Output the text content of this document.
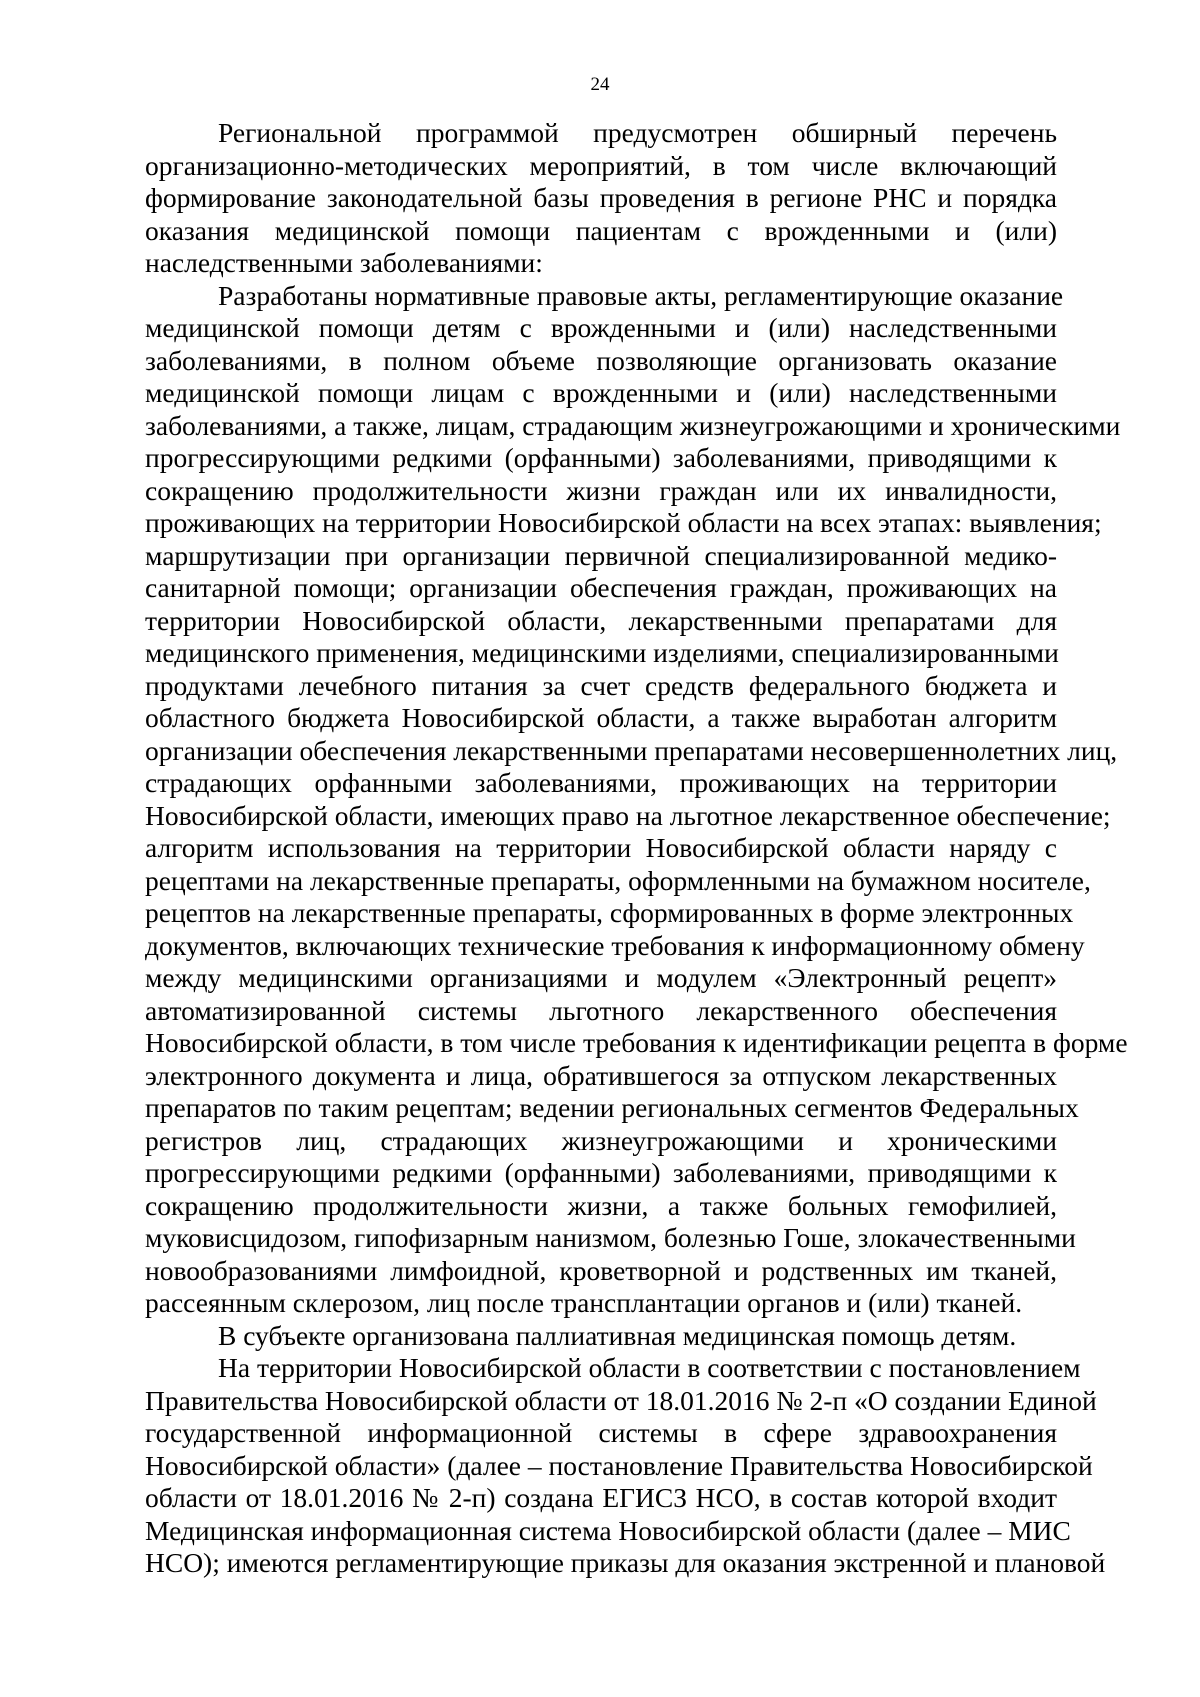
24
Региональной программой предусмотрен обширный перечень
организационно-методических мероприятий, в том числе включающий
формирование законодательной базы проведения в регионе РНС и порядка
оказания медицинской помощи пациентам с врожденными и (или)
наследственными заболеваниями:
Разработаны нормативные правовые акты, регламентирующие оказание
медицинской помощи детям с врожденными и (или) наследственными
заболеваниями, в полном объеме позволяющие организовать оказание
медицинской помощи лицам с врожденными и (или) наследственными
заболеваниями, а также, лицам, страдающим жизнеугрожающими и хроническими
прогрессирующими редкими (орфанными) заболеваниями, приводящими к
сокращению продолжительности жизни граждан или их инвалидности,
проживающих на территории Новосибирской области на всех этапах: выявления;
маршрутизации при организации первичной специализированной медико-
санитарной помощи; организации обеспечения граждан, проживающих на
территории Новосибирской области, лекарственными препаратами для
медицинского применения, медицинскими изделиями, специализированными
продуктами лечебного питания за счет средств федерального бюджета и
областного бюджета Новосибирской области, а также выработан алгоритм
организации обеспечения лекарственными препаратами несовершеннолетних лиц,
страдающих орфанными заболеваниями, проживающих на территории
Новосибирской области, имеющих право на льготное лекарственное обеспечение;
алгоритм использования на территории Новосибирской области наряду с
рецептами на лекарственные препараты, оформленными на бумажном носителе,
рецептов на лекарственные препараты, сформированных в форме электронных
документов, включающих технические требования к информационному обмену
между медицинскими организациями и модулем «Электронный рецепт»
автоматизированной системы льготного лекарственного обеспечения
Новосибирской области, в том числе требования к идентификации рецепта в форме
электронного документа и лица, обратившегося за отпуском лекарственных
препаратов по таким рецептам; ведении региональных сегментов Федеральных
регистров лиц, страдающих жизнеугрожающими и хроническими
прогрессирующими редкими (орфанными) заболеваниями, приводящими к
сокращению продолжительности жизни, а также больных гемофилией,
муковисцидозом, гипофизарным нанизмом, болезнью Гоше, злокачественными
новообразованиями лимфоидной, кроветворной и родственных им тканей,
рассеянным склерозом, лиц после трансплантации органов и (или) тканей.
В субъекте организована паллиативная медицинская помощь детям.
На территории Новосибирской области в соответствии с постановлением
Правительства Новосибирской области от 18.01.2016 № 2-п «О создании Единой
государственной информационной системы в сфере здравоохранения
Новосибирской области» (далее – постановление Правительства Новосибирской
области от 18.01.2016 № 2-п) создана ЕГИСЗ НСО, в состав которой входит
Медицинская информационная система Новосибирской области (далее – МИС
НСО); имеются регламентирующие приказы для оказания экстренной и плановой
